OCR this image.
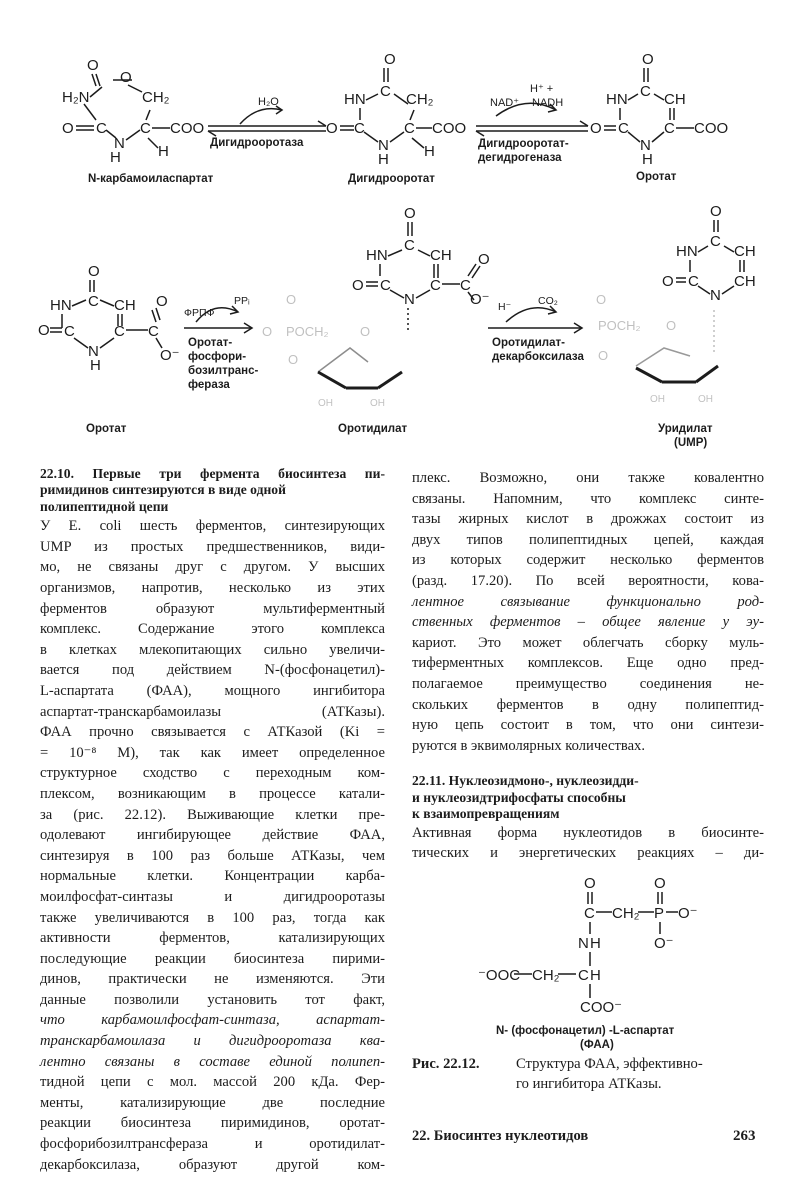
O
O
H₂N	CH₂
O C
N
H
C COO
H
N-карбамоиласпартат
H₂O
Дигидрооротаза
O
C
HN	CH₂
O C
N
H
C COO
H
Дигидрооротат
H⁺ +
NAD⁺ NADH
Дигидрооротат-
дегидрогеназа
O
C
HN CH
O C
N
H
C COO
Оротат
O
C
HN	CH
O C
N
H
C C
O
O⁻
Оротат
ФРПФ
PPᵢ
Оротат-
фосфори-
бозилтранс-
фераза
O
C
HN	CH
O C
N
C C
O
O⁻
O POCH₂
O
O
O
OH	OH
Оротидилат
H⁻	CO₂
Оротидилат-
декарбоксилаза
O
C
HN CH
O C
N
CH
O
POCH₂ O
O
OH	OH
Уридилат
(UMP)

22.10. Первые три фермента биосинтеза пи-

римидинов синтезируются в виде одной

полипептидной цепи

У E. coli шесть ферментов, синтезирующих

UMP из простых предшественников, види-

мо, не связаны друг с другом. У высших

организмов, напротив, несколько из этих

ферментов образуют мультиферментный

комплекс. Содержание этого комплекса

в клетках млекопитающих сильно увеличи-

вается под действием N-(фосфонацетил)-

L-аспартата (ФАА), мощного ингибитора

аспартат-транскарбамоилазы (АТКазы).

ФАА прочно связывается с АТКазой (Ki =

= 10⁻⁸ М), так как имеет определенное

структурное сходство с переходным ком-

плексом, возникающим в процессе катали-

за (рис. 22.12). Выживающие клетки пре-

одолевают ингибирующее действие ФАА,

синтезируя в 100 раз больше АТКазы, чем

нормальные клетки. Концентрации карба-

моилфосфат-синтазы и дигидрооротазы

также увеличиваются в 100 раз, тогда как

активности ферментов, катализирующих

последующие реакции биосинтеза пирими-

динов, практически не изменяются. Эти

данные позволили установить тот факт,

что карбамоилфосфат-синтаза, аспартат-

транскарбамоилаза и дигидрооротаза ква-

лентно связаны в составе единой полипеп-

тидной цепи с мол. массой 200 кДа. Фер-

менты, катализирующие две последние

реакции биосинтеза пиримидинов, оротат-

фосфорибозилтрансфераза и оротидилат-

декарбоксилаза, образуют другой ком-

плекс. Возможно, они также ковалентно

связаны. Напомним, что комплекс синте-

тазы жирных кислот в дрожжах состоит из

двух типов полипептидных цепей, каждая

из которых содержит несколько ферментов

(разд. 17.20). По всей вероятности, кова-

лентное связывание функционально род-

ственных ферментов – общее явление у эу-

кариот. Это может облегчать сборку муль-

тиферментных комплексов. Еще одно пред-

полагаемое преимущество соединения не-

скольких ферментов в одну полипептид-

ную цепь состоит в том, что они синтези-

руются в эквимолярных количествах.

22.11. Нуклеозидмоно-, нуклеозидди-

и нуклеозидтрифосфаты способны

к взаимопревращениям

Активная форма нуклеотидов в биосинте-

тических и энергетических реакциях – ди-

O
C CH₂ P
O
O⁻
O⁻
N H
⁻OOC CH₂ C H
COO⁻
N- (фосфонацетил) -L-аспартат
(ФАА)
Рис. 22.12. Структура ФАА, эффективно-
го ингибитора АТКазы.
22. Биосинтез нуклеотидов	263
